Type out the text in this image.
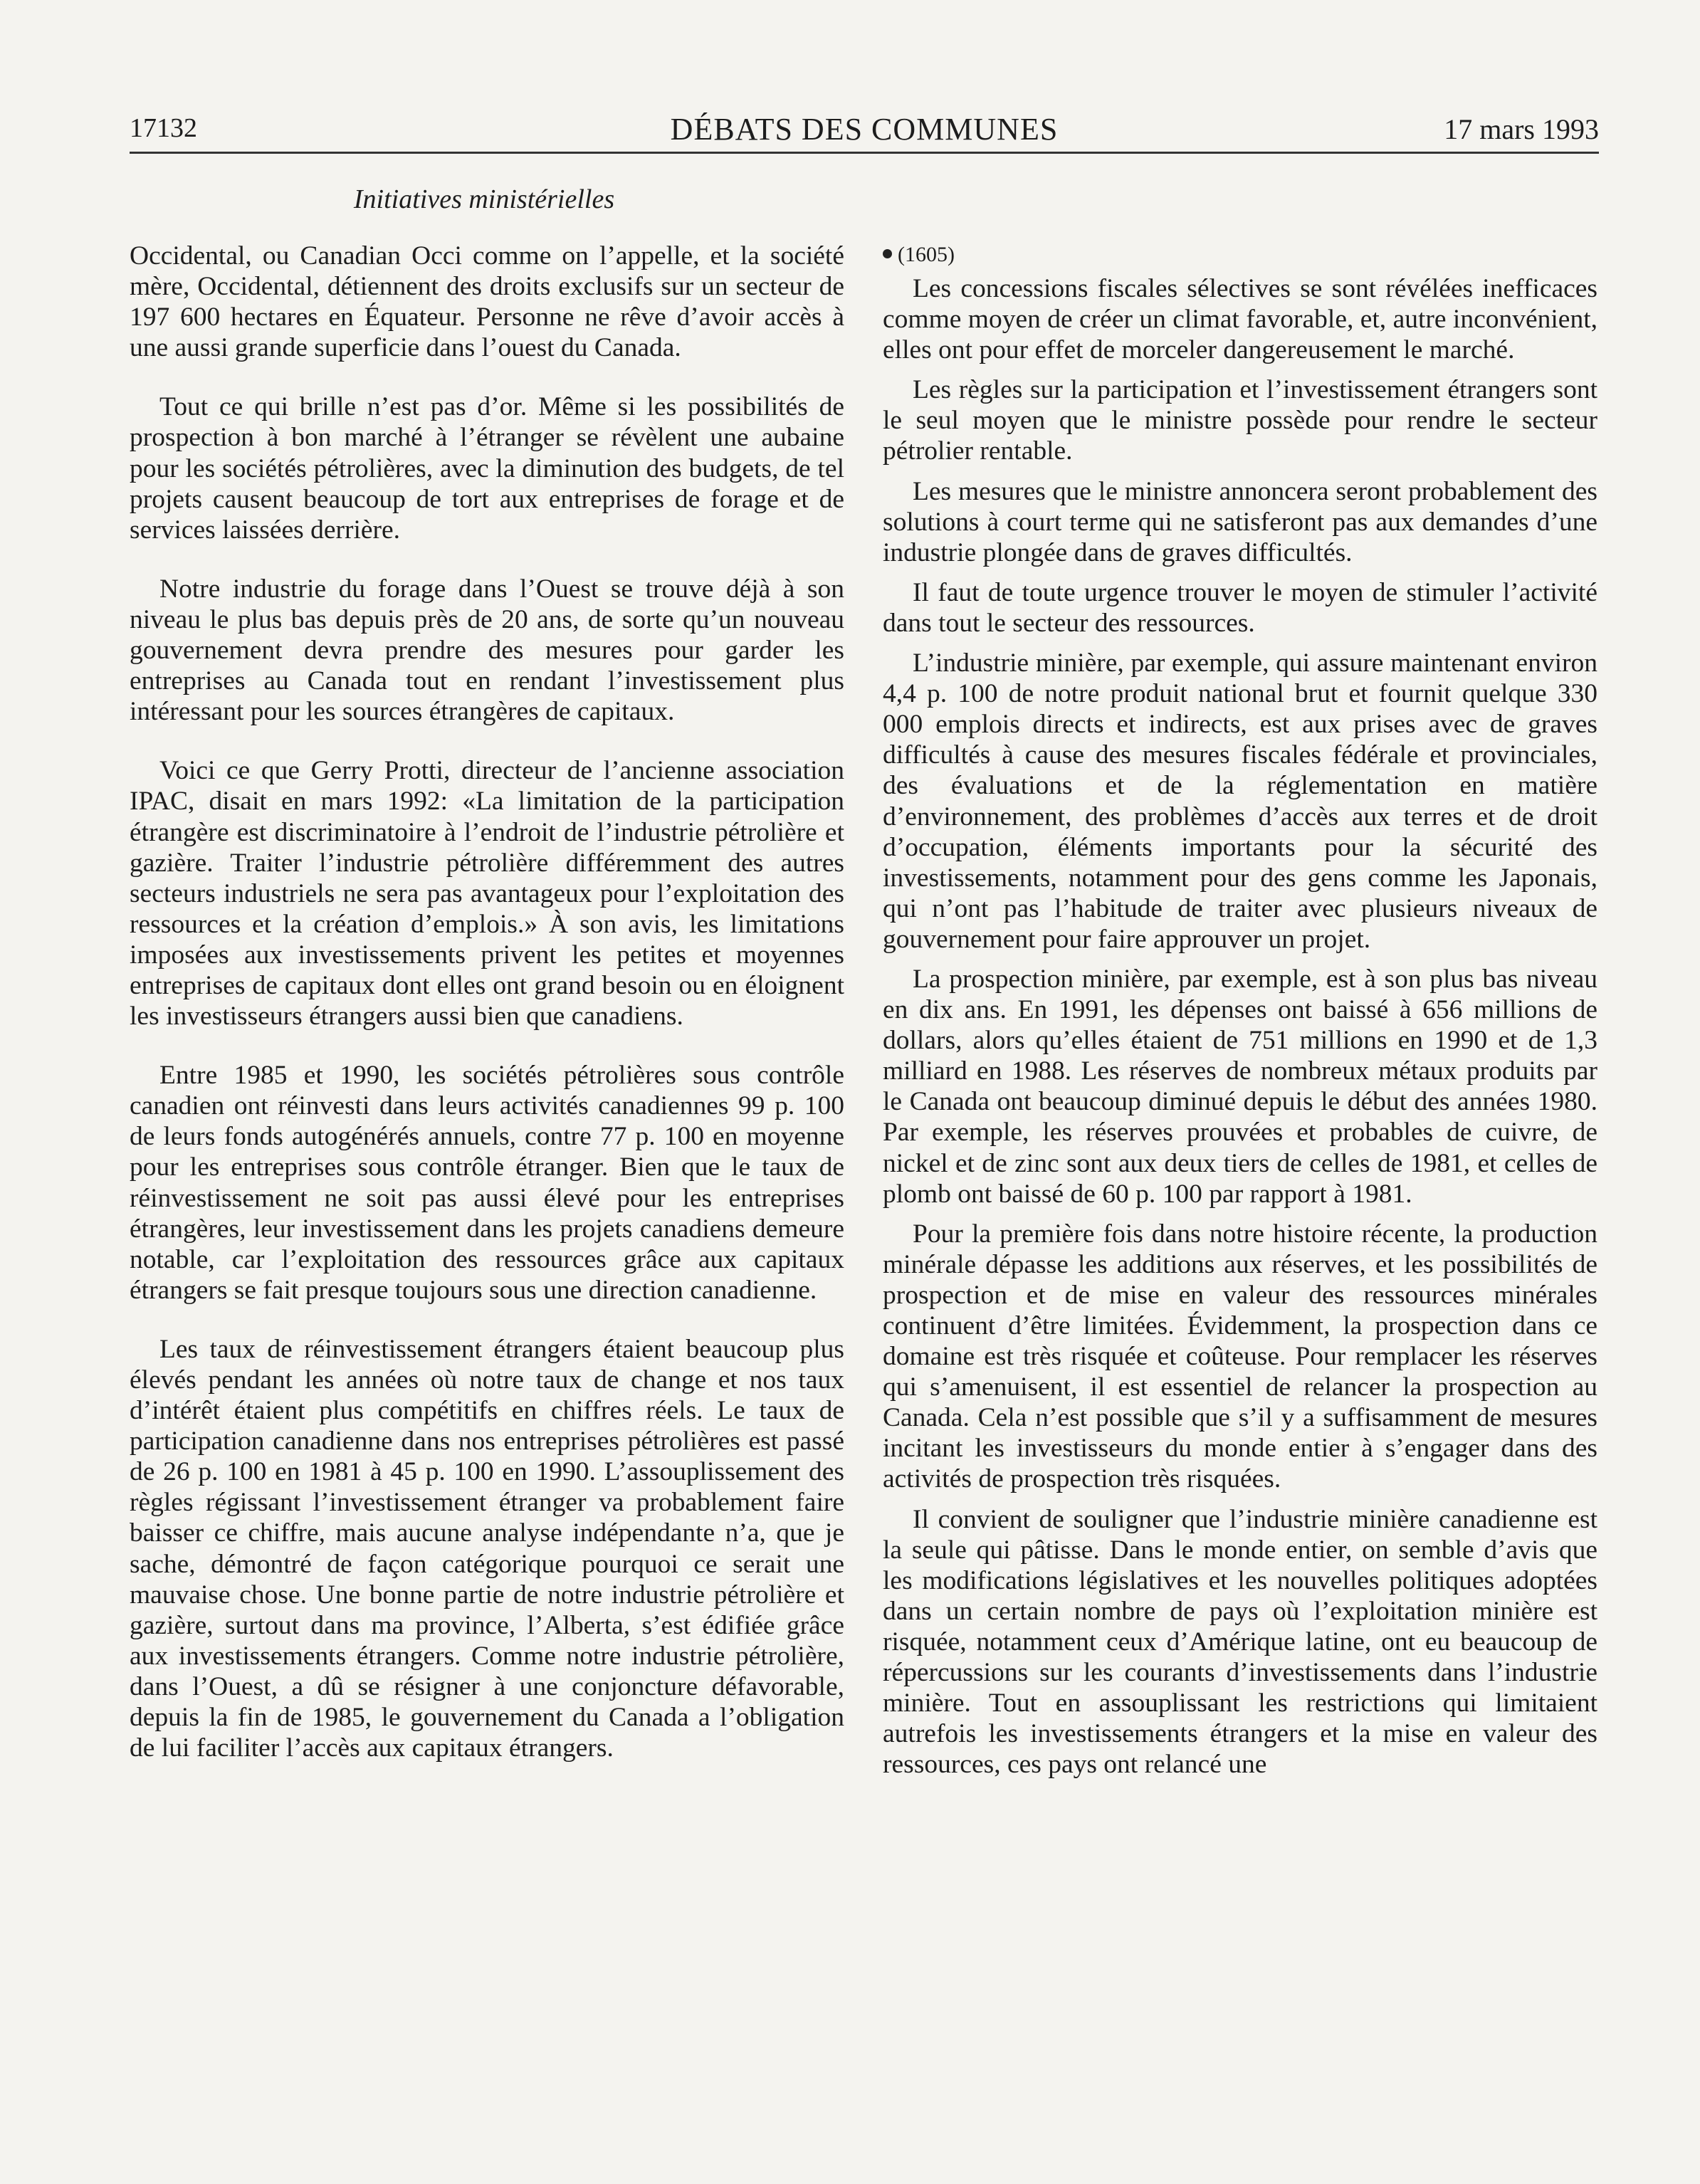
17132	DÉBATS DES COMMUNES	17 mars 1993
Initiatives ministérielles

Occidental, ou Canadian Occi comme on l’appelle, et la société mère, Occidental, détiennent des droits exclusifs sur un secteur de 197 600 hectares en Équateur. Personne ne rêve d’avoir accès à une aussi grande superficie dans l’ouest du Canada.

Tout ce qui brille n’est pas d’or. Même si les possibilités de prospection à bon marché à l’étranger se révèlent une aubaine pour les sociétés pétrolières, avec la diminution des budgets, de tel projets causent beaucoup de tort aux entreprises de forage et de services laissées derrière.

Notre industrie du forage dans l’Ouest se trouve déjà à son niveau le plus bas depuis près de 20 ans, de sorte qu’un nouveau gouvernement devra prendre des mesures pour garder les entreprises au Canada tout en rendant l’investissement plus intéressant pour les sources étrangères de capitaux.

Voici ce que Gerry Protti, directeur de l’ancienne association IPAC, disait en mars 1992: «La limitation de la participation étrangère est discriminatoire à l’endroit de l’industrie pétrolière et gazière. Traiter l’industrie pétrolière différemment des autres secteurs industriels ne sera pas avantageux pour l’exploitation des ressources et la création d’emplois.» À son avis, les limitations imposées aux investissements privent les petites et moyennes entreprises de capitaux dont elles ont grand besoin ou en éloignent les investisseurs étrangers aussi bien que canadiens.

Entre 1985 et 1990, les sociétés pétrolières sous contrôle canadien ont réinvesti dans leurs activités canadiennes 99 p. 100 de leurs fonds autogénérés annuels, contre 77 p. 100 en moyenne pour les entreprises sous contrôle étranger. Bien que le taux de réinvestissement ne soit pas aussi élevé pour les entreprises étrangères, leur investissement dans les projets canadiens demeure notable, car l’exploitation des ressources grâce aux capitaux étrangers se fait presque toujours sous une direction canadienne.

Les taux de réinvestissement étrangers étaient beaucoup plus élevés pendant les années où notre taux de change et nos taux d’intérêt étaient plus compétitifs en chiffres réels. Le taux de participation canadienne dans nos entreprises pétrolières est passé de 26 p. 100 en 1981 à 45 p. 100 en 1990. L’assouplissement des règles régissant l’investissement étranger va probablement faire baisser ce chiffre, mais aucune analyse indépendante n’a, que je sache, démontré de façon catégorique pourquoi ce serait une mauvaise chose. Une bonne partie de notre industrie pétrolière et gazière, surtout dans ma province, l’Alberta, s’est édifiée grâce aux investissements étrangers. Comme notre industrie pétrolière, dans l’Ouest, a dû se résigner à une conjoncture défavorable, depuis la fin de 1985, le gouvernement du Canada a l’obligation de lui faciliter l’accès aux capitaux étrangers.

(1605)

Les concessions fiscales sélectives se sont révélées inefficaces comme moyen de créer un climat favorable, et, autre inconvénient, elles ont pour effet de morceler dangereusement le marché.

Les règles sur la participation et l’investissement étrangers sont le seul moyen que le ministre possède pour rendre le secteur pétrolier rentable.

Les mesures que le ministre annoncera seront probablement des solutions à court terme qui ne satisferont pas aux demandes d’une industrie plongée dans de graves difficultés.

Il faut de toute urgence trouver le moyen de stimuler l’activité dans tout le secteur des ressources.

L’industrie minière, par exemple, qui assure maintenant environ 4,4 p. 100 de notre produit national brut et fournit quelque 330 000 emplois directs et indirects, est aux prises avec de graves difficultés à cause des mesures fiscales fédérale et provinciales, des évaluations et de la réglementation en matière d’environnement, des problèmes d’accès aux terres et de droit d’occupation, éléments importants pour la sécurité des investissements, notamment pour des gens comme les Japonais, qui n’ont pas l’habitude de traiter avec plusieurs niveaux de gouvernement pour faire approuver un projet.

La prospection minière, par exemple, est à son plus bas niveau en dix ans. En 1991, les dépenses ont baissé à 656 millions de dollars, alors qu’elles étaient de 751 millions en 1990 et de 1,3 milliard en 1988. Les réserves de nombreux métaux produits par le Canada ont beaucoup diminué depuis le début des années 1980. Par exemple, les réserves prouvées et probables de cuivre, de nickel et de zinc sont aux deux tiers de celles de 1981, et celles de plomb ont baissé de 60 p. 100 par rapport à 1981.

Pour la première fois dans notre histoire récente, la production minérale dépasse les additions aux réserves, et les possibilités de prospection et de mise en valeur des ressources minérales continuent d’être limitées. Évidemment, la prospection dans ce domaine est très risquée et coûteuse. Pour remplacer les réserves qui s’amenuisent, il est essentiel de relancer la prospection au Canada. Cela n’est possible que s’il y a suffisamment de mesures incitant les investisseurs du monde entier à s’engager dans des activités de prospection très risquées.

Il convient de souligner que l’industrie minière canadienne est la seule qui pâtisse. Dans le monde entier, on semble d’avis que les modifications législatives et les nouvelles politiques adoptées dans un certain nombre de pays où l’exploitation minière est risquée, notamment ceux d’Amérique latine, ont eu beaucoup de répercussions sur les courants d’investissements dans l’industrie minière. Tout en assouplissant les restrictions qui limitaient autrefois les investissements étrangers et la mise en valeur des ressources, ces pays ont relancé une
